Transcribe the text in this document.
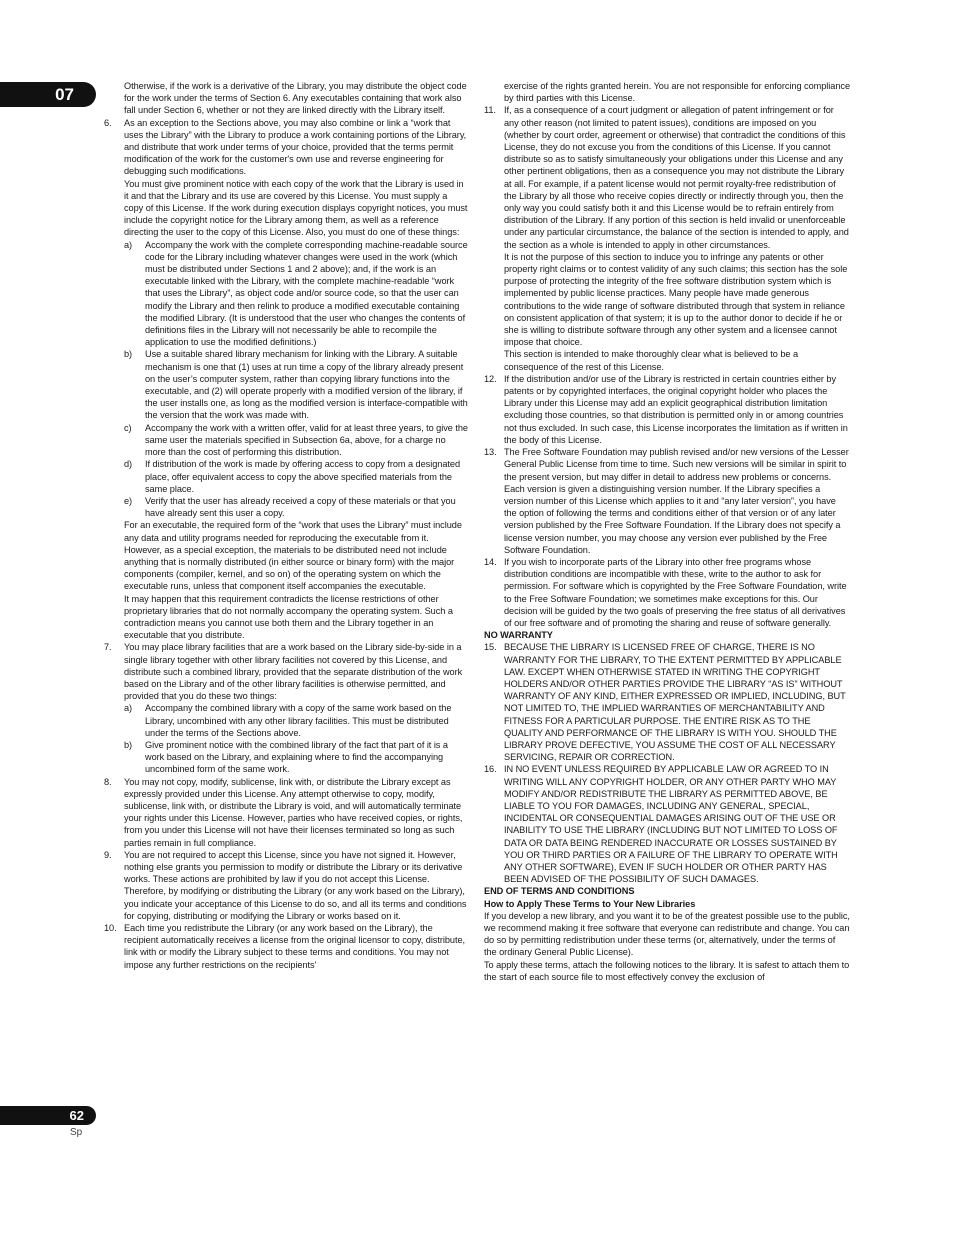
07	Otherwise, if the work is a derivative of the Library, you may distribute the object code for the work under the terms of Section 6. Any executables containing that work also fall under Section 6, whether or not they are linked directly with the Library itself.

6.	As an exception to the Sections above, you may also combine or link a “work that uses the Library” with the Library to produce a work containing portions of the Library, and distribute that work under terms of your choice, provided that the terms permit modification of the work for the customer's own use and reverse engineering for debugging such modifications.

You must give prominent notice with each copy of the work that the Library is used in it and that the Library and its use are covered by this License. You must supply a copy of this License. If the work during execution displays copyright notices, you must include the copyright notice for the Library among them, as well as a reference directing the user to the copy of this License. Also, you must do one of these things:

a) Accompany the work with the complete corresponding machine-readable source code for the Library including whatever changes were used in the work (which must be distributed under Sections 1 and 2 above); and, if the work is an executable linked with the Library, with the complete machine-readable “work that uses the Library”, as object code and/or source code, so that the user can modify the Library and then relink to produce a modified executable containing the modified Library. (It is understood that the user who changes the contents of definitions files in the Library will not necessarily be able to recompile the application to use the modified definitions.)

b) Use a suitable shared library mechanism for linking with the Library. A suitable mechanism is one that (1) uses at run time a copy of the library already present on the user’s computer system, rather than copying library functions into the executable, and (2) will operate properly with a modified version of the library, if the user installs one, as long as the modified version is interface-compatible with the version that the work was made with.

c) Accompany the work with a written offer, valid for at least three years, to give the same user the materials specified in Subsection 6a, above, for a charge no more than the cost of performing this distribution.

d) If distribution of the work is made by offering access to copy from a designated place, offer equivalent access to copy the above specified materials from the same place.

e) Verify that the user has already received a copy of these materials or that you have already sent this user a copy.

For an executable, the required form of the “work that uses the Library” must include any data and utility programs needed for reproducing the executable from it. However, as a special exception, the materials to be distributed need not include anything that is normally distributed (in either source or binary form) with the major components (compiler, kernel, and so on) of the operating system on which the executable runs, unless that component itself accompanies the executable.

It may happen that this requirement contradicts the license restrictions of other proprietary libraries that do not normally accompany the operating system. Such a contradiction means you cannot use both them and the Library together in an executable that you distribute.

7.	You may place library facilities that are a work based on the Library side-by-side in a single library together with other library facilities not covered by this License, and distribute such a combined library, provided that the separate distribution of the work based on the Library and of the other library facilities is otherwise permitted, and provided that you do these two things:

a) Accompany the combined library with a copy of the same work based on the Library, uncombined with any other library facilities. This must be distributed under the terms of the Sections above.

b) Give prominent notice with the combined library of the fact that part of it is a work based on the Library, and explaining where to find the accompanying uncombined form of the same work.

8.	You may not copy, modify, sublicense, link with, or distribute the Library except as expressly provided under this License. Any attempt otherwise to copy, modify, sublicense, link with, or distribute the Library is void, and will automatically terminate your rights under this License. However, parties who have received copies, or rights, from you under this License will not have their licenses terminated so long as such parties remain in full compliance.

9.	You are not required to accept this License, since you have not signed it. However, nothing else grants you permission to modify or distribute the Library or its derivative works. These actions are prohibited by law if you do not accept this License. Therefore, by modifying or distributing the Library (or any work based on the Library), you indicate your acceptance of this License to do so, and all its terms and conditions for copying, distributing or modifying the Library or works based on it.

10. Each time you redistribute the Library (or any work based on the Library), the recipient automatically receives a license from the original licensor to copy, distribute, link with or modify the Library subject to these terms and conditions. You may not impose any further restrictions on the recipients'

exercise of the rights granted herein. You are not responsible for enforcing compliance by third parties with this License.

11. If, as a consequence of a court judgment or allegation of patent infringement or for any other reason (not limited to patent issues), conditions are imposed on you (whether by court order, agreement or otherwise) that contradict the conditions of this License, they do not excuse you from the conditions of this License. If you cannot distribute so as to satisfy simultaneously your obligations under this License and any other pertinent obligations, then as a consequence you may not distribute the Library at all. For example, if a patent license would not permit royalty-free redistribution of the Library by all those who receive copies directly or indirectly through you, then the only way you could satisfy both it and this License would be to refrain entirely from distribution of the Library. If any portion of this section is held invalid or unenforceable under any particular circumstance, the balance of the section is intended to apply, and the section as a whole is intended to apply in other circumstances.

It is not the purpose of this section to induce you to infringe any patents or other property right claims or to contest validity of any such claims; this section has the sole purpose of protecting the integrity of the free software distribution system which is implemented by public license practices. Many people have made generous contributions to the wide range of software distributed through that system in reliance on consistent application of that system; it is up to the author donor to decide if he or she is willing to distribute software through any other system and a licensee cannot impose that choice.

This section is intended to make thoroughly clear what is believed to be a consequence of the rest of this License.

12. If the distribution and/or use of the Library is restricted in certain countries either by patents or by copyrighted interfaces, the original copyright holder who places the Library under this License may add an explicit geographical distribution limitation excluding those countries, so that distribution is permitted only in or among countries not thus excluded. In such case, this License incorporates the limitation as if written in the body of this License.

13. The Free Software Foundation may publish revised and/or new versions of the Lesser General Public License from time to time. Such new versions will be similar in spirit to the present version, but may differ in detail to address new problems or concerns.

Each version is given a distinguishing version number. If the Library specifies a version number of this License which applies to it and “any later version”, you have the option of following the terms and conditions either of that version or of any later version published by the Free Software Foundation. If the Library does not specify a license version number, you may choose any version ever published by the Free Software Foundation.

14. If you wish to incorporate parts of the Library into other free programs whose distribution conditions are incompatible with these, write to the author to ask for permission. For software which is copyrighted by the Free Software Foundation, write to the Free Software Foundation; we sometimes make exceptions for this. Our decision will be guided by the two goals of preserving the free status of all derivatives of our free software and of promoting the sharing and reuse of software generally.

NO WARRANTY

15. BECAUSE THE LIBRARY IS LICENSED FREE OF CHARGE, THERE IS NO WARRANTY FOR THE LIBRARY, TO THE EXTENT PERMITTED BY APPLICABLE LAW. EXCEPT WHEN OTHERWISE STATED IN WRITING THE COPYRIGHT HOLDERS AND/OR OTHER PARTIES PROVIDE THE LIBRARY “AS IS” WITHOUT WARRANTY OF ANY KIND, EITHER EXPRESSED OR IMPLIED, INCLUDING, BUT NOT LIMITED TO, THE IMPLIED WARRANTIES OF MERCHANTABILITY AND FITNESS FOR A PARTICULAR PURPOSE. THE ENTIRE RISK AS TO THE QUALITY AND PERFORMANCE OF THE LIBRARY IS WITH YOU. SHOULD THE LIBRARY PROVE DEFECTIVE, YOU ASSUME THE COST OF ALL NECESSARY SERVICING, REPAIR OR CORRECTION.

16. IN NO EVENT UNLESS REQUIRED BY APPLICABLE LAW OR AGREED TO IN WRITING WILL ANY COPYRIGHT HOLDER, OR ANY OTHER PARTY WHO MAY MODIFY AND/OR REDISTRIBUTE THE LIBRARY AS PERMITTED ABOVE, BE LIABLE TO YOU FOR DAMAGES, INCLUDING ANY GENERAL, SPECIAL, INCIDENTAL OR CONSEQUENTIAL DAMAGES ARISING OUT OF THE USE OR INABILITY TO USE THE LIBRARY (INCLUDING BUT NOT LIMITED TO LOSS OF DATA OR DATA BEING RENDERED INACCURATE OR LOSSES SUSTAINED BY YOU OR THIRD PARTIES OR A FAILURE OF THE LIBRARY TO OPERATE WITH ANY OTHER SOFTWARE), EVEN IF SUCH HOLDER OR OTHER PARTY HAS BEEN ADVISED OF THE POSSIBILITY OF SUCH DAMAGES.

END OF TERMS AND CONDITIONS

How to Apply These Terms to Your New Libraries

If you develop a new library, and you want it to be of the greatest possible use to the public, we recommend making it free software that everyone can redistribute and change. You can do so by permitting redistribution under these terms (or, alternatively, under the terms of the ordinary General Public License).

To apply these terms, attach the following notices to the library. It is safest to attach them to the start of each source file to most effectively convey the exclusion of

62
Sp
